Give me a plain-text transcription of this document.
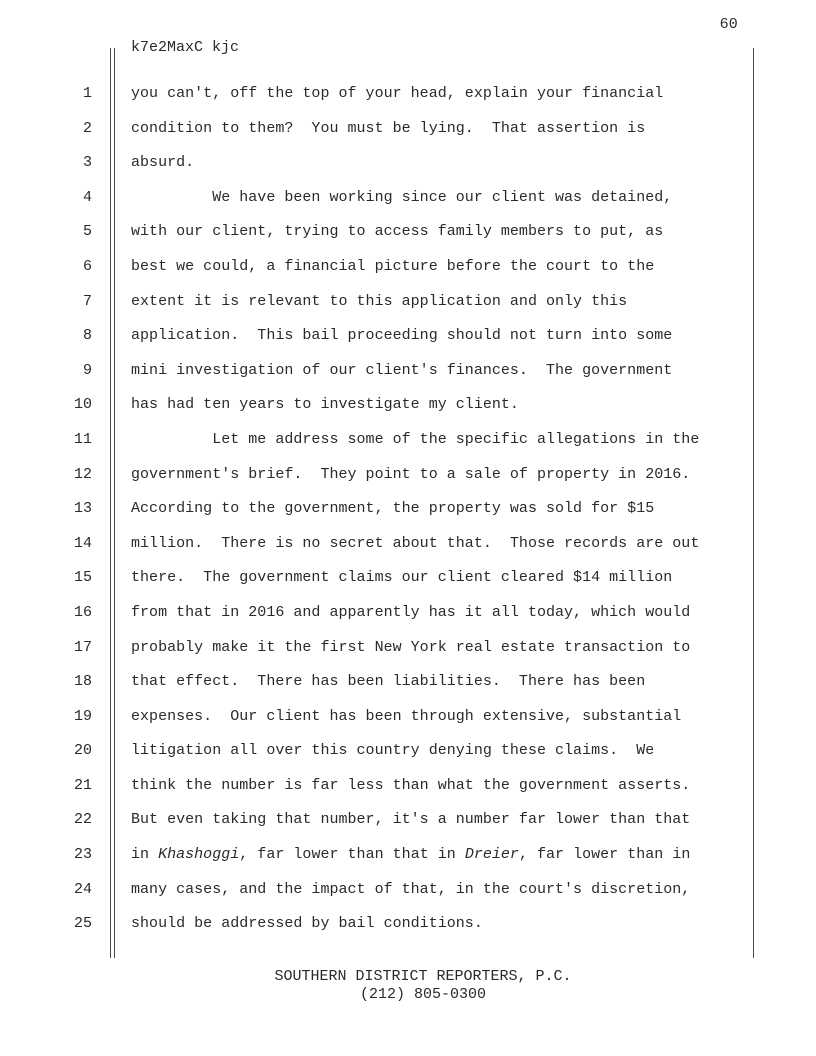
60
k7e2MaxC kjc
1	you can't, off the top of your head, explain your financial
2	condition to them?  You must be lying.  That assertion is
3	absurd.
4	We have been working since our client was detained,
5	with our client, trying to access family members to put, as
6	best we could, a financial picture before the court to the
7	extent it is relevant to this application and only this
8	application.  This bail proceeding should not turn into some
9	mini investigation of our client's finances.  The government
10	has had ten years to investigate my client.
11	Let me address some of the specific allegations in the
12	government's brief.  They point to a sale of property in 2016.
13	According to the government, the property was sold for $15
14	million.  There is no secret about that.  Those records are out
15	there.  The government claims our client cleared $14 million
16	from that in 2016 and apparently has it all today, which would
17	probably make it the first New York real estate transaction to
18	that effect.  There has been liabilities.  There has been
19	expenses.  Our client has been through extensive, substantial
20	litigation all over this country denying these claims.  We
21	think the number is far less than what the government asserts.
22	But even taking that number, it's a number far lower than that
23	in Khashoggi, far lower than that in Dreier, far lower than in
24	many cases, and the impact of that, in the court's discretion,
25	should be addressed by bail conditions.
SOUTHERN DISTRICT REPORTERS, P.C.
(212) 805-0300
